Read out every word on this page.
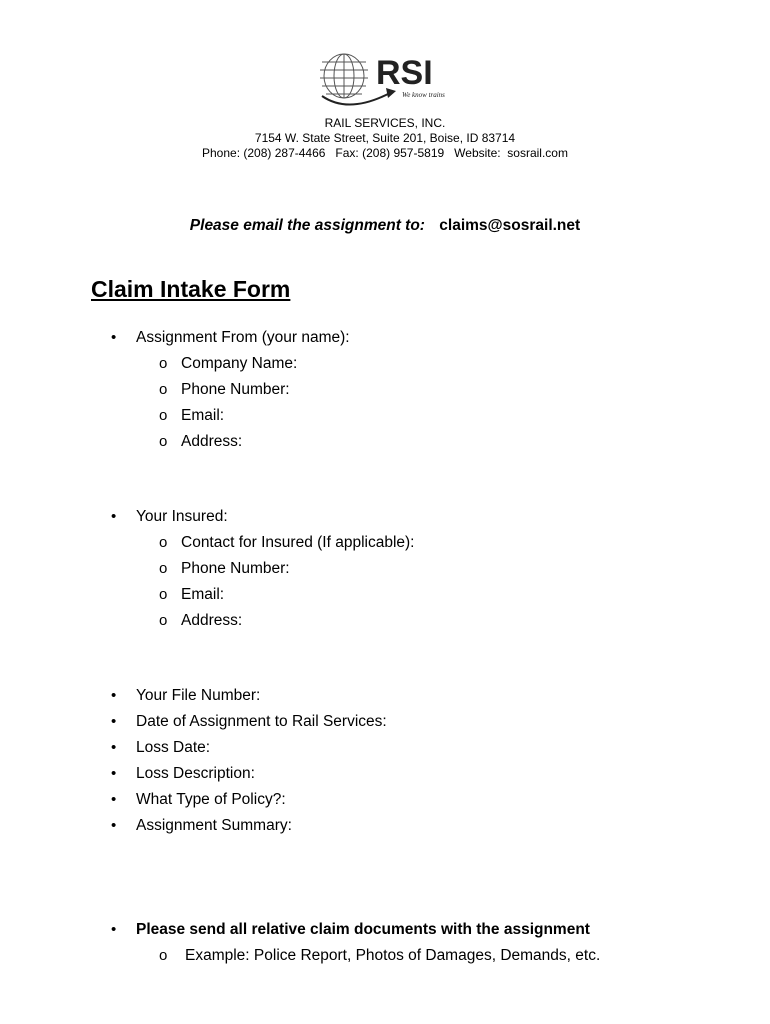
RSI
We know trains
RAIL SERVICES, INC.
7154 W. State Street, Suite 201, Boise, ID 83714
Phone: (208) 287-4466   Fax: (208) 957-5819   Website:  sosrail.com
Please email the assignment to: claims@sosrail.net
Claim Intake Form
• Assignment From (your name):
o Company Name:
o Phone Number:
o Email:
o Address:
• Your Insured:
o Contact for Insured (If applicable):
o Phone Number:
o Email:
o Address:
• Your File Number:
• Date of Assignment to Rail Services:
• Loss Date:
• Loss Description:
• What Type of Policy?:
• Assignment Summary:
• Please send all relative claim documents with the assignment
o Example: Police Report, Photos of Damages, Demands, etc.
